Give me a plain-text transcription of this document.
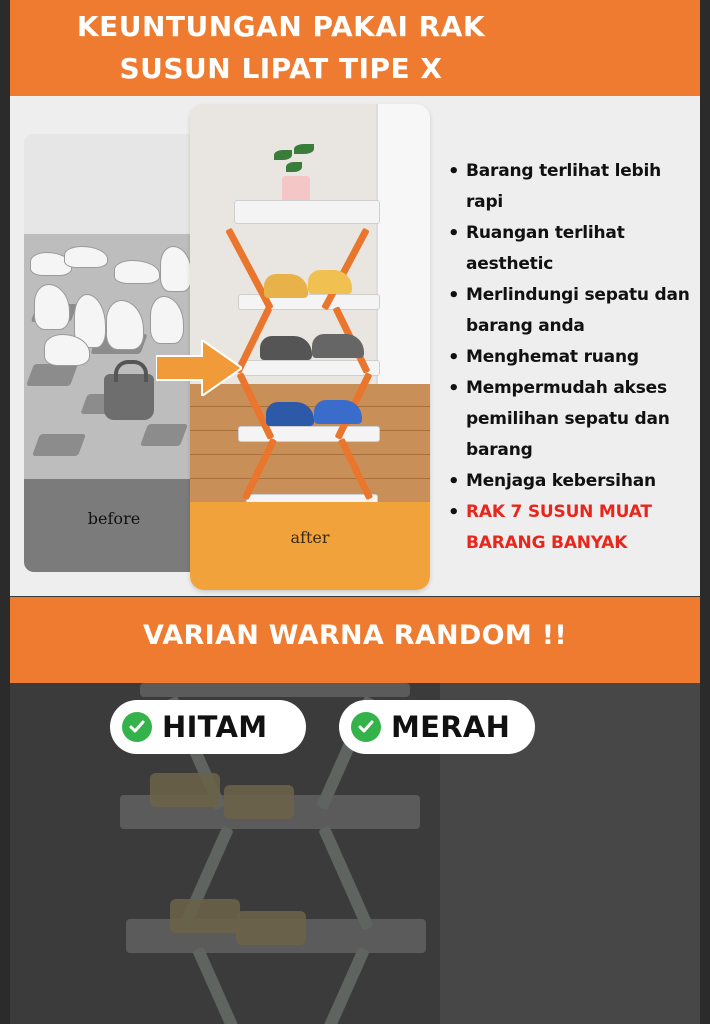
KEUNTUNGAN PAKAI RAK
SUSUN LIPAT TIPE X
before
after
• Barang terlihat lebih rapi
• Ruangan terlihat aesthetic
• Merlindungi sepatu dan barang anda
• Menghemat ruang
• Mempermudah akses pemilihan sepatu dan barang
• Menjaga kebersihan
• RAK 7 SUSUN MUAT BARANG BANYAK
VARIAN WARNA RANDOM !!
HITAM	MERAH
